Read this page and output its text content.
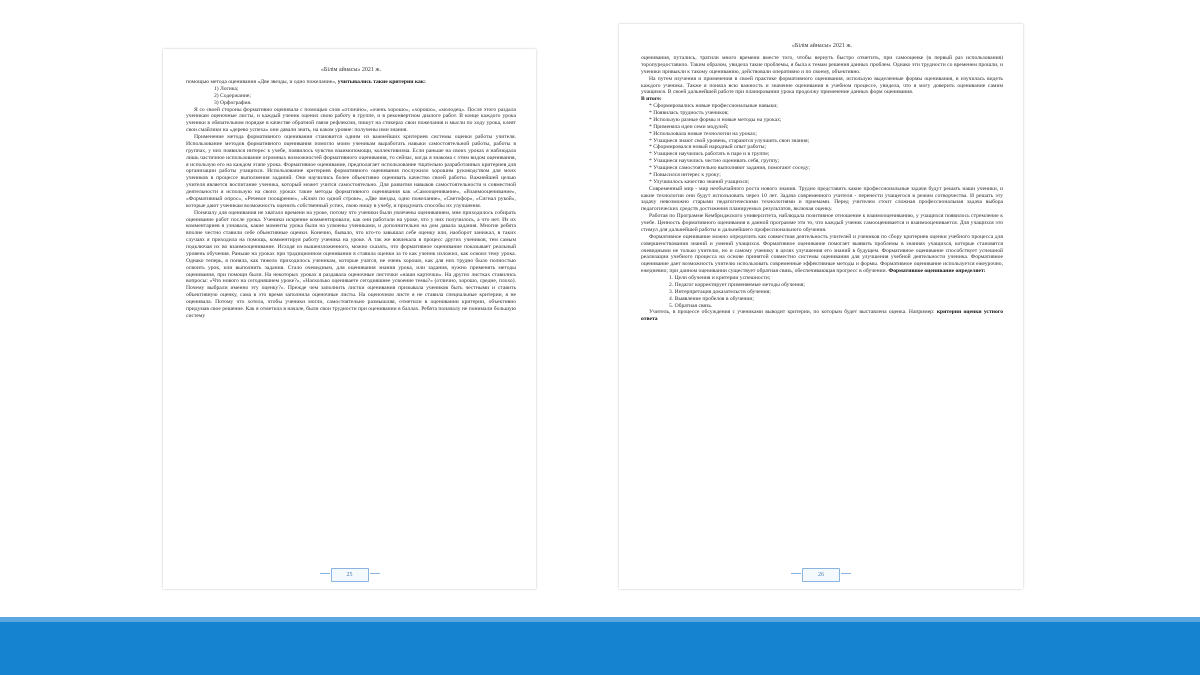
«Бiлiм айнасы» 2021 ж.

помощью метода оценивания «Две звезды, и одно пожелание», учитывались такие критерии как:

1) Логика;

2) Содержание;

3) Орфография.

Я со своей стороны формативно оценивала с помощью слов «отлично», «очень хорошо», «хорошо», «молодец». После этого раздала ученикам оценочные листы, и каждый ученик оценил свою работу в группе, и в реконвертном диалоге работ. В конце каждого урока ученики в обязательном порядке в качестве обратной связи рефлексии, пишут на стикерах свои пожелания и мысли по ходу урока, клеят свои смайлики на «дерево успеха» они давали знать, на каком уровне: получены ими знания.

Применение метода формативного оценивания становится одним из важнейших критериев системы оценки работы учителя. Использование методов формативного оценивания помогло моим ученикам выработать навыки самостоятельной работы, работы в группах, у них появился интерес к учебе, появилось чувство взаимопомощи, коллективизма. Если раньше на своих уроках я наблюдала лишь частичное использование огромных возможностей формативного оценивания, то сейчас, когда я знакома с этим видом оценивания, я использую его на каждом этапе урока. Формативное оценивание, предполагает использование тщательно разработанных критериев для организации работы учащихся. Использование критериев формативного оценивания послужило хорошим руководством для моих учеников в процессе выполнения заданий. Они научились более объективно оценивать качество своей работы. Важнейшей целью учителя является воспитание ученика, который может учится самостоятельно. Для развития навыков самостоятельности и совместной деятельности я использую на своих уроках такие методы формативного оценивания как «Самооценивание», «Взаимооценивание», «Формативный опрос», «Речевое поощрение», «Ключ по одной строке», «Две звезды, одно пожелание», «Светофор», «Сигнал рукой», которые дают ученикам возможность оценить собственный успех, свою нишу в учебу, и придумать способы их улучшения.

Поначалу для оценивания не хватало времени на уроке, потому что ученики были увлечены оцениванием, мне приходилось собирать оценивание работ после урока. Ученики искренне комментировали, как они работали на уроке, что у них получилось, а что нет. Из их комментариев я узнавала, какие моменты урока были на усвоены учениками, и дополнительно на дом давала задания. Многие ребята вполне честно ставили себе объективные оценки. Конечно, бывало, что кто-то завышал себе оценку или, наоборот занижал, в таких случаях я приходила на помощь, комментируя работу ученика на уроке. А так же вовлекала в процесс других учеников, тем самым подключая их во взаимооценивание. Исходя из вышеизложенного, можно сказать, что формативное оценивание показывает реальный уровень обучения. Раньше на уроках при традиционном оценивании я ставила оценки за то как ученик изложил, как освоил тему урока. Однако теперь, я поняла, как тяжело приходилось ученикам, которые учатся, не очень хорошо, как для них трудно было полностью освоить урок, или выполнить задания. Стало очевидным, для оценивания знания урока, или задания, нужно применять методы оценивания, при помощи были. На некоторых уроках я раздавала оценочные листочки «наши карточки». На других листках ставились вопросы: «Что нового на сегодняшнем уроке?», «Насколько оцениваете сегодняшнее усвоение темы?» (отлично, хорошо, средне, плохо). Почему выбрали именно эту оценку?». Прежде чем заполнить листки оценивания призывала учеников быть честными и ставить объективную оценку, сама в это время заполнила оценочные листы. На оценочном листе я не ставила специальные критерии, я не оценивала. Потому что хотела, чтобы ученики могли, самостоятельно размышляя, отметили в оценивании критерии, объективно придумав свое решение. Как я отметила в начале, были свои трудности при оценивании в баллах. Ребята поначалу не понимали большую систему

25
«Бiлiм айнасы» 2021 ж.

оценивания, путались, тратили много времени вместе того, чтобы вернуть быстро отметить, при самооценке (в первый раз использования) торопуредоставило. Таким образом, увидела такие проблемы, я была к темам решения данных проблем. Однако эти трудности со временем прошли, и ученики привыкли к такому оцениванию, действовали оперативно и по своему, объективно.

На путем изучения и применения в своей практике формативного оценивания, использую выделенные формы оценивания, в изучилась видеть каждого ученика. Также я поняла всю важность и значение оценивания в учебном процессе, увидела, что я могу доверить оценивание самим учащимся. В своей дальнейшей работе при планировании урока продолжу применение данных форм оценивания.

В итоге:

* Сформировались новые профессиональные навыки;

* Появилась трудность учеников;

* Использую разные формы и новые методы на уроках;

* Применяла идеи семи модулей;

* Использовала новые технологии на уроках;

* Учащиеся знают свой уровень, стараются улучшить свои знания;

* Сформировался новый народный опыт работы;

* Учащиеся научились работать в паре и в группе;

* Учащиеся научились честно оценивать себя, группу;

* Учащиеся самостоятельно выполняют задания, помогают соседу;

* Повысился интерес к уроку;

* Улучшилось качество знаний учащихся;

Современный мир - мир необычайного роста нового знания. Трудно представить какие профессиональные задачи будут решать наши ученики, и какие технологии они будут использовать через 10 лет. Задача современного учителя - перенести учащегося в режим сотворчества. И решать эту задачу невозможно старыми педагогическими технологиями и приемами. Перед учителем стоит сложная профессиональная задача выбора педагогических средств достижения планируемых результатов, включая оценку.

Работая по Программе Кембриджского университета, наблюдала позитивное отношение к взаимооцениванию, у учащихся появилось стремление к учебе. Ценность формативного оценивания в данной программе эти то, что каждый ученик самооценивается и взаимооценивается. Для учащихся это стимул для дальнейшей работы и дальнейшего профессионального обучения.

Формативное оценивание можно определить как совместная деятельность учителей и учеников по сбору критериев оценки учебного процесса для совершенствования знаний и умений учащихся. Формативное оценивание помогает выявить проблемы в знаниях учащихся, которые становятся очевидными не только учителю, но и самому ученику в целях улучшения его знаний в будущем. Формативное оценивание способствует успешной реализации учебного процесса на основе принятой совместно системы оценивания для улучшения учебной деятельности ученика. Формативное оценивание дает возможность учителю использовать современные эффективные методы и формы. Формативное оценивание используется ежеурочно, ежедневно; при данном оценивании существует обратная связь, обеспечивающая прогресс в обучении. Формативное оценивание определяет:

1. Цели обучения и критерии успешности;

2. Педагог корректирует применяемые методы обучения;

3. Интерпретация доказательств обучения;

4. Выявление пробелов в обучении;

5. Обратная связь.

Учитель, в процессе обсуждения с учениками выводит критерии, по которым будет выставлена оценка. Например: критерии оценки устного ответа

26
